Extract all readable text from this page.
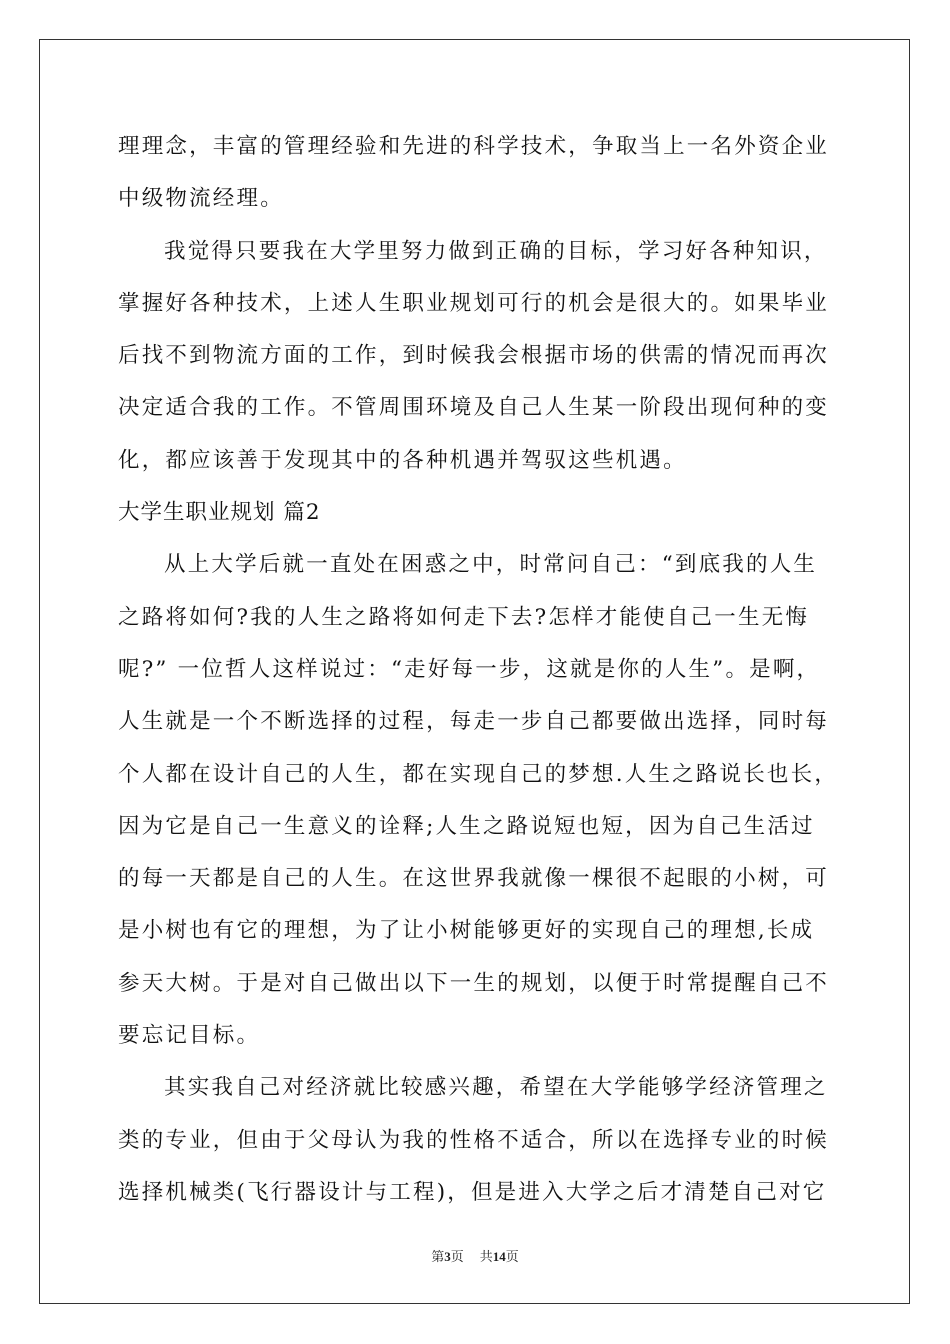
理理念，丰富的管理经验和先进的科学技术，争取当上一名外资企业
中级物流经理。
我觉得只要我在大学里努力做到正确的目标，学习好各种知识，
掌握好各种技术，上述人生职业规划可行的机会是很大的。如果毕业
后找不到物流方面的工作，到时候我会根据市场的供需的情况而再次
决定适合我的工作。不管周围环境及自己人生某一阶段出现何种的变
化，都应该善于发现其中的各种机遇并驾驭这些机遇。
大学生职业规划 篇2
从上大学后就一直处在困惑之中，时常问自己：“到底我的人生
之路将如何?我的人生之路将如何走下去?怎样才能使自己一生无悔
呢?” 一位哲人这样说过：“走好每一步，这就是你的人生”。是啊，
人生就是一个不断选择的过程，每走一步自己都要做出选择，同时每
个人都在设计自己的人生，都在实现自己的梦想.人生之路说长也长，
因为它是自己一生意义的诠释;人生之路说短也短，因为自己生活过
的每一天都是自己的人生。在这世界我就像一棵很不起眼的小树，可
是小树也有它的理想，为了让小树能够更好的实现自己的理想,长成
参天大树。于是对自己做出以下一生的规划，以便于时常提醒自己不
要忘记目标。
其实我自己对经济就比较感兴趣，希望在大学能够学经济管理之
类的专业，但由于父母认为我的性格不适合，所以在选择专业的时候
选择机械类(飞行器设计与工程)，但是进入大学之后才清楚自己对它
第3页 共14页
